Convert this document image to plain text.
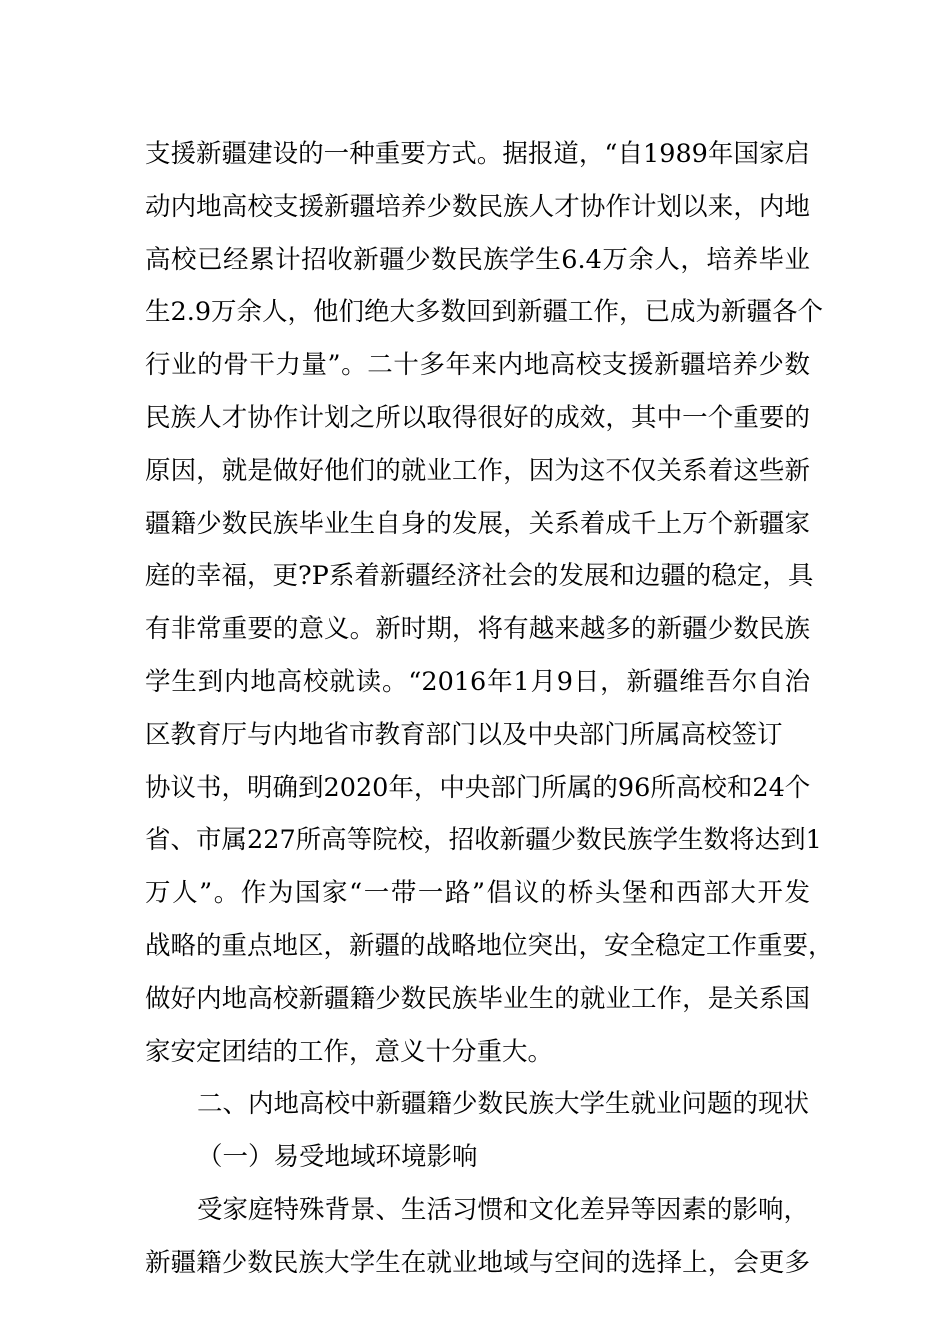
支援新疆建设的一种重要方式。据报道，“自1989年国家启
动内地高校支援新疆培养少数民族人才协作计划以来，内地
高校已经累计招收新疆少数民族学生6.4万余人，培养毕业
生2.9万余人，他们绝大多数回到新疆工作，已成为新疆各个
行业的骨干力量”。二十多年来内地高校支援新疆培养少数
民族人才协作计划之所以取得很好的成效，其中一个重要的
原因，就是做好他们的就业工作，因为这不仅关系着这些新
疆籍少数民族毕业生自身的发展，关系着成千上万个新疆家
庭的幸福，更?P系着新疆经济社会的发展和边疆的稳定，具
有非常重要的意义。新时期，将有越来越多的新疆少数民族
学生到内地高校就读。“2016年1月9日，新疆维吾尔自治
区教育厅与内地省市教育部门以及中央部门所属高校签订
协议书，明确到2020年，中央部门所属的96所高校和24个
省、市属227所高等院校，招收新疆少数民族学生数将达到1
万人”。作为国家“一带一路”倡议的桥头堡和西部大开发
战略的重点地区，新疆的战略地位突出，安全稳定工作重要，
做好内地高校新疆籍少数民族毕业生的就业工作，是关系国
家安定团结的工作，意义十分重大。
二、内地高校中新疆籍少数民族大学生就业问题的现状
（一）易受地域环境影响
受家庭特殊背景、生活习惯和文化差异等因素的影响，
新疆籍少数民族大学生在就业地域与空间的选择上，会更多
